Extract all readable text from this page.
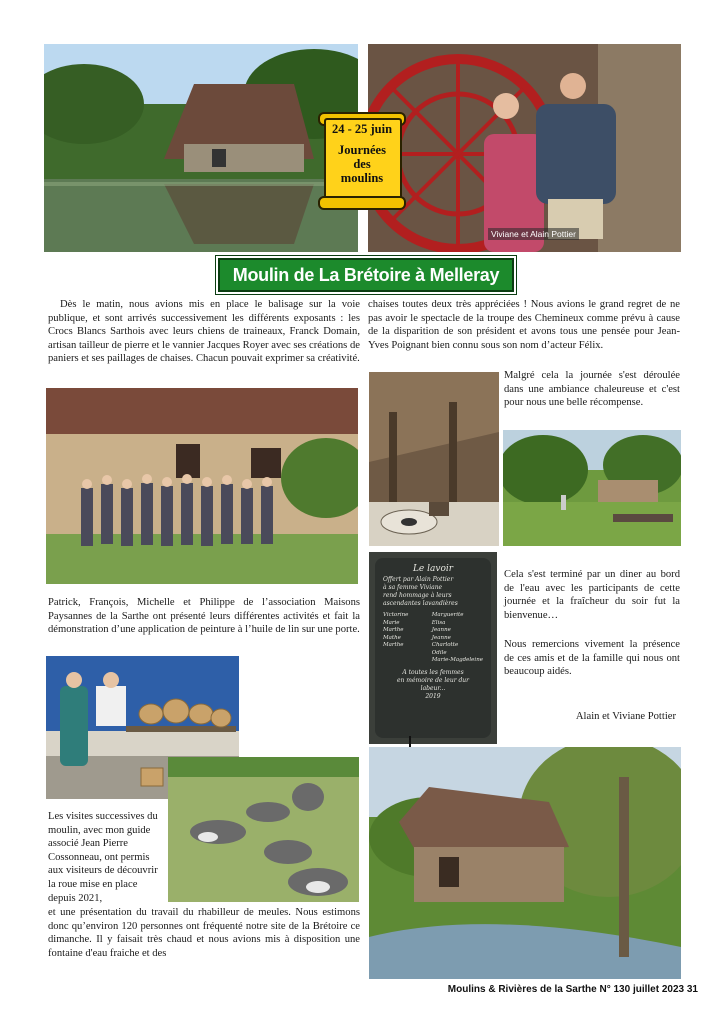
Viviane et Alain Pottier
Le lavoir
Offert par Alain Pottier
à sa femme Viviane
rend hommage à leurs
ascendantes lavandières
Victorine
Marie
Marthe
Mathe
Marthe
Marguerite
Elisa
Jeanne
Jeanne
Charlotte
Odile
Marie-Magdeleine
A toutes les femmes
en mémoire de leur dur
labeur...
2019
24 - 25 juin
Journées
des
moulins
Moulin de La Brétoire à Melleray
Dès le matin, nous avions mis en place le balisage sur la voie publique, et sont arrivés successivement les différents exposants : les Crocs Blancs Sarthois avec leurs chiens de traineaux, Franck Domain, artisan tailleur de pierre et le vannier Jacques Royer avec ses créations de paniers et ses paillages de chaises. Chacun pouvait exprimer sa créativité.
Patrick, François, Michelle et Philippe de l’association Maisons Paysannes de la Sarthe ont présenté leurs différentes activités et fait la démonstration d’une application de peinture à l’huile de lin sur une porte.
Les visites successives du moulin, avec mon guide associé Jean Pierre Cossonneau, ont permis aux visiteurs de découvrir la roue mise en place depuis 2021,
et une présentation du travail du rhabilleur de meules. Nous estimons donc qu’environ 120 personnes ont fréquenté notre site de la Brétoire ce dimanche. Il y faisait très chaud et nous avions mis à disposition une fontaine d'eau fraiche et des
chaises toutes deux très appréciées ! Nous avions le grand regret de ne pas avoir le spectacle de la troupe des Chemineux comme prévu à cause de la disparition de son président et avons tous une pensée pour Jean-Yves Poignant bien connu sous son nom d’acteur Félix.
Malgré cela la journée s'est déroulée dans une ambiance chaleureuse et c'est pour nous une belle récompense.
Cela s'est terminé par un diner au bord de l'eau avec les participants de cette journée et la fraîcheur du soir fut la bienvenue…
Nous remercions vivement la présence de ces amis et de la famille qui nous ont beaucoup aidés.
Alain et Viviane Pottier
Moulins & Rivières de la Sarthe N° 130 juillet 2023 31
